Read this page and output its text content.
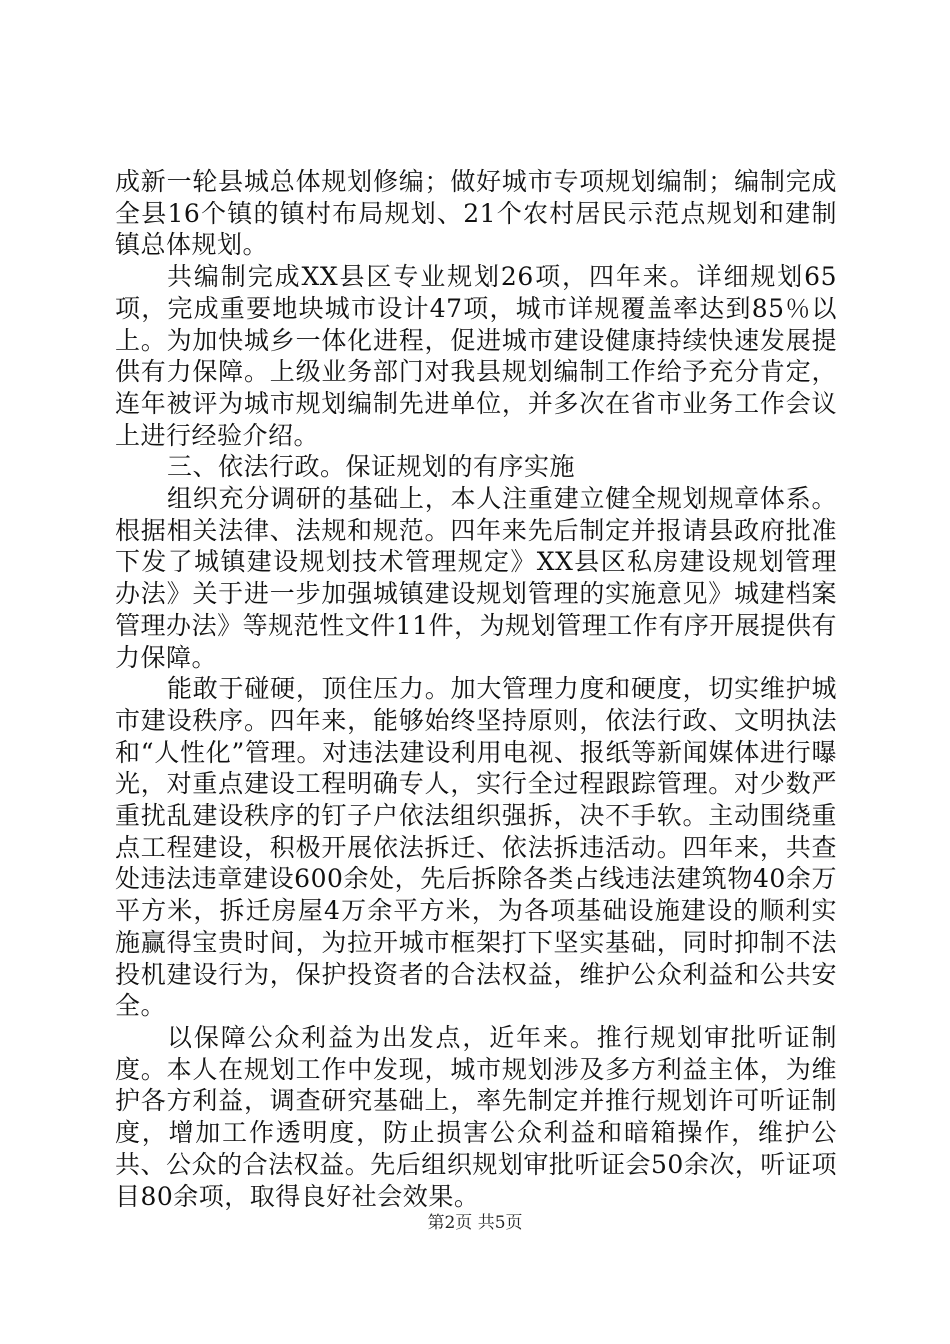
成新一轮县城总体规划修编；做好城市专项规划编制；编制完成全县16个镇的镇村布局规划、21个农村居民示范点规划和建制镇总体规划。

共编制完成XX县区专业规划26项，四年来。详细规划65项，完成重要地块城市设计47项，城市详规覆盖率达到85％以上。为加快城乡一体化进程，促进城市建设健康持续快速发展提供有力保障。上级业务部门对我县规划编制工作给予充分肯定，连年被评为城市规划编制先进单位，并多次在省市业务工作会议上进行经验介绍。

三、依法行政。保证规划的有序实施

组织充分调研的基础上，本人注重建立健全规划规章体系。根据相关法律、法规和规范。四年来先后制定并报请县政府批准下发了城镇建设规划技术管理规定》XX县区私房建设规划管理办法》关于进一步加强城镇建设规划管理的实施意见》城建档案管理办法》等规范性文件11件，为规划管理工作有序开展提供有力保障。

能敢于碰硬，顶住压力。加大管理力度和硬度，切实维护城市建设秩序。四年来，能够始终坚持原则，依法行政、文明执法和“人性化”管理。对违法建设利用电视、报纸等新闻媒体进行曝光，对重点建设工程明确专人，实行全过程跟踪管理。对少数严重扰乱建设秩序的钉子户依法组织强拆，决不手软。主动围绕重点工程建设，积极开展依法拆迁、依法拆违活动。四年来，共查处违法违章建设600余处，先后拆除各类占线违法建筑物40余万平方米，拆迁房屋4万余平方米，为各项基础设施建设的顺利实施赢得宝贵时间，为拉开城市框架打下坚实基础，同时抑制不法投机建设行为，保护投资者的合法权益，维护公众利益和公共安全。

以保障公众利益为出发点，近年来。推行规划审批听证制度。本人在规划工作中发现，城市规划涉及多方利益主体，为维护各方利益，调查研究基础上，率先制定并推行规划许可听证制度，增加工作透明度，防止损害公众利益和暗箱操作，维护公共、公众的合法权益。先后组织规划审批听证会50余次，听证项目80余项，取得良好社会效果。

第2页 共5页
